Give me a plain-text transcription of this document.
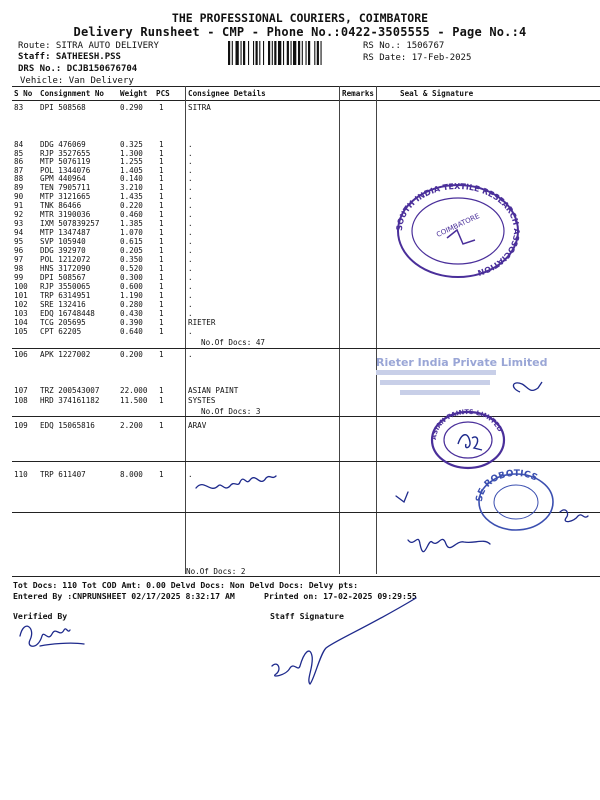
THE PROFESSIONAL COURIERS, COIMBATORE
Delivery Runsheet - CMP - Phone No.:0422-3505555 - Page No.:4
Route: SITRA AUTO DELIVERY
Staff: SATHEESH.PSS
DRS No.: DCJB150676704
Vehicle: Van Delivery
RS No.: 1506767
RS Date: 17-Feb-2025
S No Consignment No Weight PCS Consignee Details	Remarks	Seal & Signature
83 DPI 508568	0.290 1	SITRA
84 DDG 476069	0.325 1	.
85 RJP 3527655	1.300 1	.
86 MTP 5076119	1.255 1	.
87 POL 1344076	1.405 1	.
88 GPM 440964	0.140 1	.
89 TEN 7905711	3.210 1	.
90 MTP 3121665	1.435 1	.
91 TNK 86466	0.220 1	.
92 MTR 3190036	0.460 1	.
93 IXM 507839257	1.385 1	.
94 MTP 1347487	1.070 1	.
95 SVP 105940	0.615 1	.
96 DDG 392970	0.205 1	.
97 POL 1212072	0.350 1	.
98 HNS 3172090	0.520 1	.
99 DPI 508567	0.300 1	.
100 RJP 3550065	0.600 1	.
101 TRP 6314951	1.190 1	.
102 SRE 132416	0.280 1	.
103 EDQ 16748448	0.430 1	.
104 TCG 205695	0.390 1	RIETER
105 CPT 62205	0.640 1	.
106 APK 1227002	0.200 1	.
107 TRZ 200543007	22.000 1	ASIAN PAINT
108 HRD 374161182	11.500 1	SYSTES
109 EDQ 15065816	2.200 1	ARAV
110 TRP 611407	8.000 1	.
No.Of Docs: 47
No.Of Docs: 3
No.Of Docs: 2
Tot Docs: 110 Tot COD Amt: 0.00 Delvd Docs: Non Delvd Docs: Delvy pts:
Entered By :CNPRUNSHEET 02/17/2025 8:32:17 AM	Printed on: 17-02-2025 09:29:55
Verified By	Staff Signature
SOUTH INDIA TEXTILE RESEARCH ASSOCIATION
COIMBATORE
Rieter India Private Limited
ASIAN PAINTS LIMITED
SE ROBOTICS
